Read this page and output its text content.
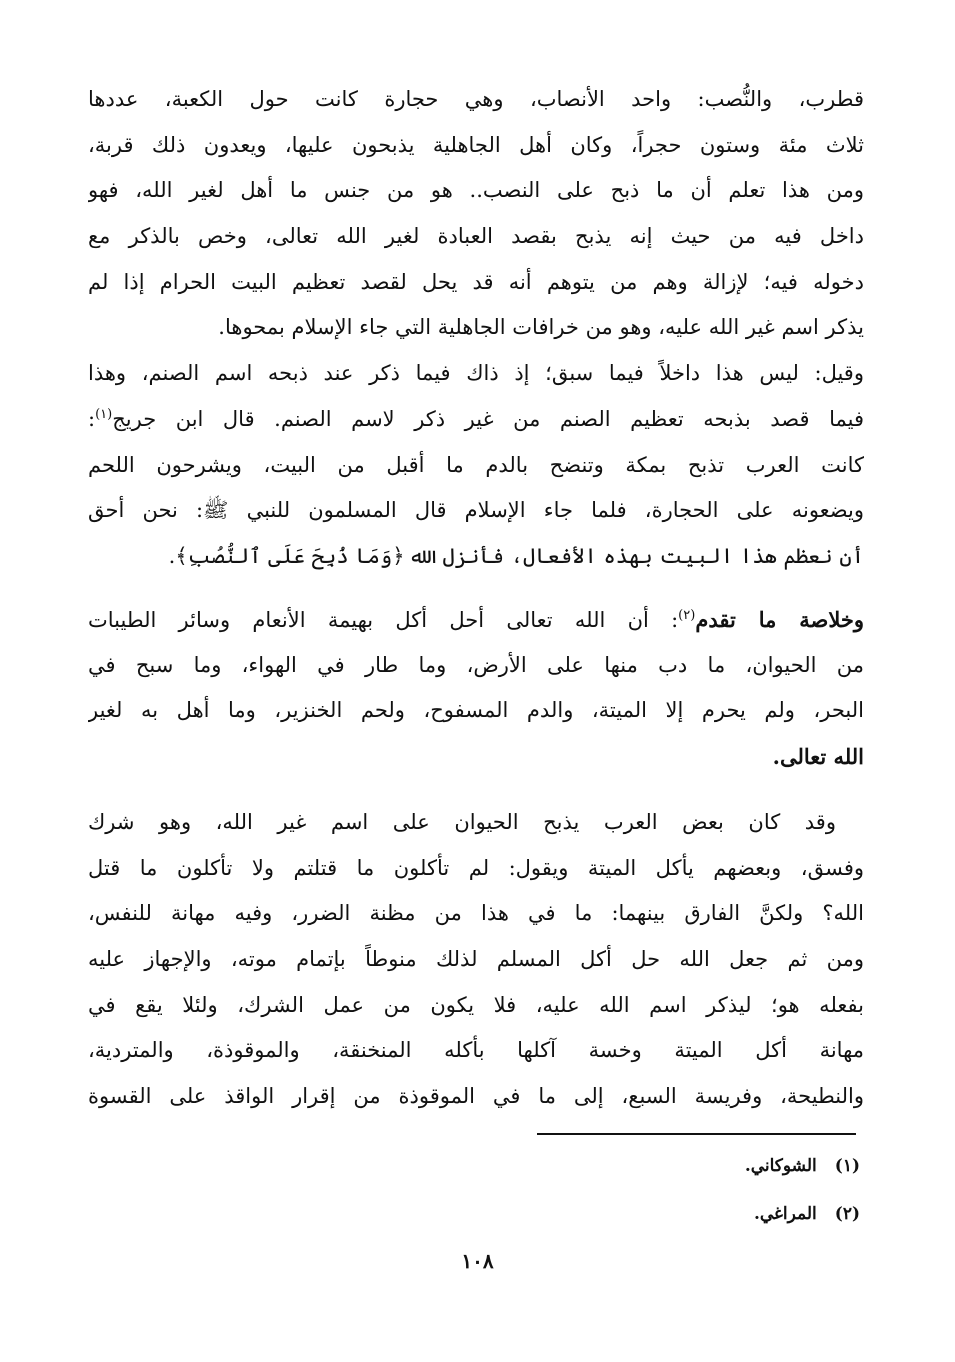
قطرب، والنُّصب: واحد الأنصاب، وهي حجارة كانت حول الكعبة، عددها
ثلاث مئة وستون حجراً، وكان أهل الجاهلية يذبحون عليها، ويعدون ذلك قربة،
ومن هذا تعلم أن ما ذبح على النصب.. هو من جنس ما أهل لغير الله، فهو
داخل فيه من حيث إنه يذبح بقصد العبادة لغير الله تعالى، وخص بالذكر مع
دخوله فيه؛ لإزالة وهم من يتوهم أنه قد يحل لقصد تعظيم البيت الحرام إذا لم
يذكر اسم غير الله عليه، وهو من خرافات الجاهلية التي جاء الإسلام بمحوها.
وقيل: ليس هذا داخلاً فيما سبق؛ إذ ذاك فيما ذكر عند ذبحه اسم الصنم، وهذا
فيما قصد بذبحه تعظيم الصنم من غير ذكر لاسم الصنم. قال ابن جريج$^{(١)}$:
كانت العرب تذبح بمكة وتنضح بالدم ما أقبل من البيت، ويشرحون اللحم
ويضعونه على الحجارة، فلما جاء الإسلام قال المسلمون للنبي ﷺ: نحن أحق
أن نعظم هذا البيت بهذه الأفعال، فأنزل الله ﴿وَمَا ذُبِحَ عَلَى ٱلنُّصُبِ﴾.
وخلاصة ما تقدم$^{(٢)}$: أن الله تعالى أحل أكل بهيمة الأنعام وسائر الطيبات
من الحيوان، ما دب منها على الأرض، وما طار في الهواء، وما سبح في
البحر، ولم يحرم إلا الميتة، والدم المسفوح، ولحم الخنزير، وما أهل به لغير
الله تعالى.
وقد كان بعض العرب يذبح الحيوان على اسم غير الله، وهو شرك
وفسق، وبعضهم يأكل الميتة ويقول: لم تأكلون ما قتلتم ولا تأكلون ما قتل
الله؟ ولكنَّ الفارق بينهما: ما في هذا من مظنة الضرر، وفيه مهانة للنفس،
ومن ثم جعل الله حل أكل المسلم لذلك منوطاً بإتمام موته، والإجهاز عليه
بفعله هو؛ ليذكر اسم الله عليه، فلا يكون من عمل الشرك، ولئلا يقع في
مهانة أكل الميتة وخسة آكلها بأكله المنخنقة، والموقوذة، والمتردية،
والنطيحة، وفريسة السبع، إلى ما في الموقوذة من إقرار الواقذ على القسوة
(١)الشوكاني.
(٢)المراغي.
١٠٨
